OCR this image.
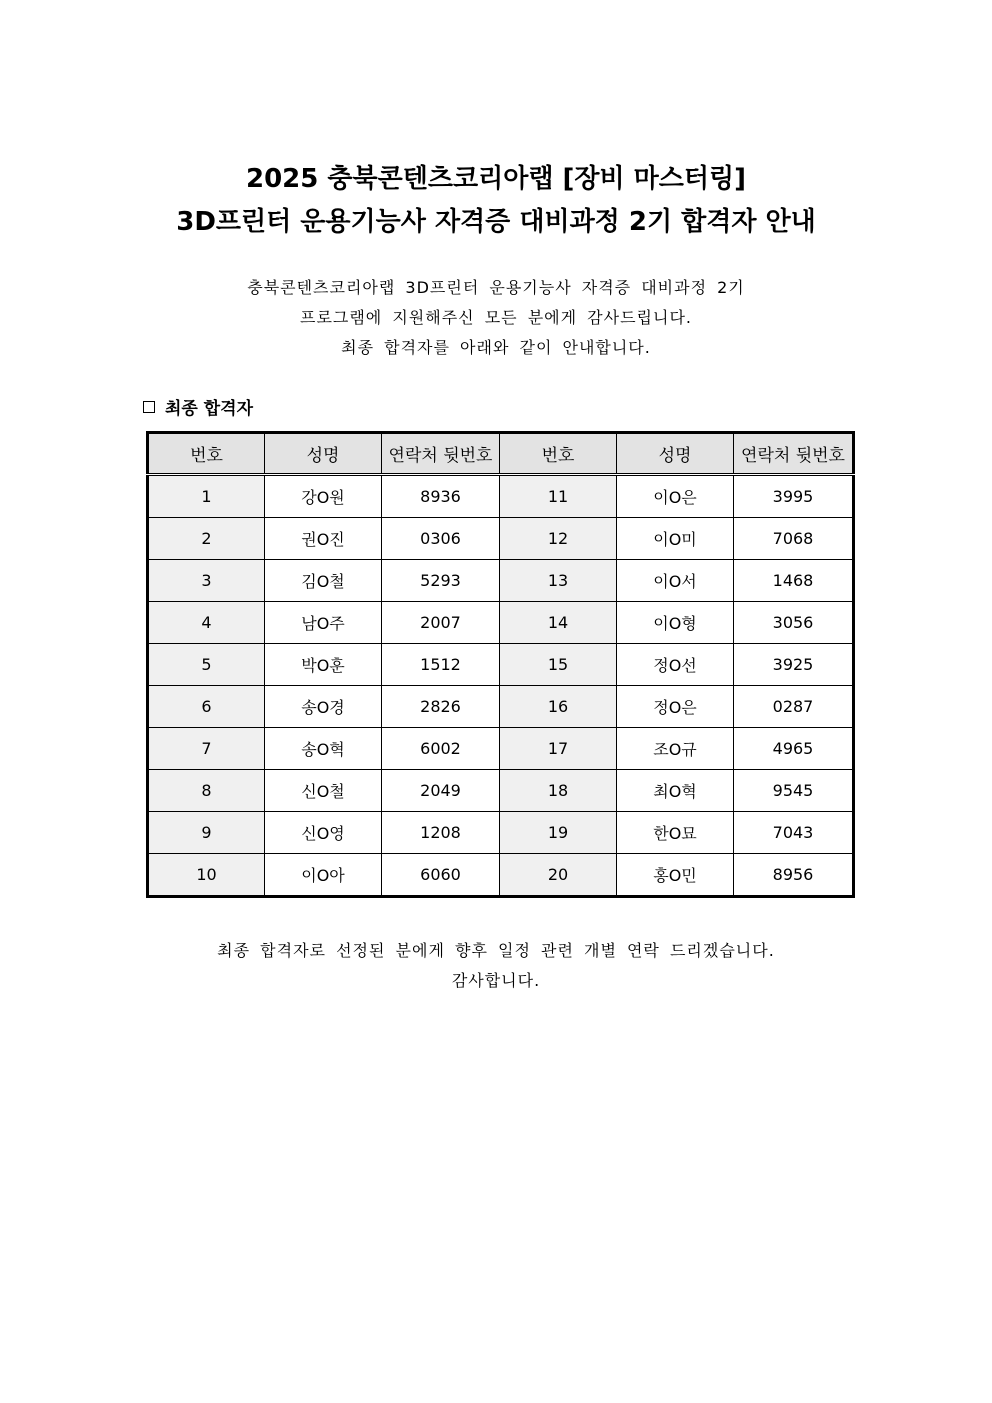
2025 충북콘텐츠코리아랩 [장비 마스터링]
3D프린터 운용기능사 자격증 대비과정 2기 합격자 안내
충북콘텐츠코리아랩 3D프린터 운용기능사 자격증 대비과정 2기
프로그램에 지원해주신 모든 분에게 감사드립니다.
최종 합격자를 아래와 같이 안내합니다.
최종 합격자
번호	성명	연락처 뒷번호	번호	성명	연락처 뒷번호
1	강O원	8936	11	이O은	3995
2	권O진	0306	12	이O미	7068
3	김O철	5293	13	이O서	1468
4	남O주	2007	14	이O형	3056
5	박O훈	1512	15	정O선	3925
6	송O경	2826	16	정O은	0287
7	송O혁	6002	17	조O규	4965
8	신O철	2049	18	최O혁	9545
9	신O영	1208	19	한O묘	7043
10	이O아	6060	20	홍O민	8956
최종 합격자로 선정된 분에게 향후 일정 관련 개별 연락 드리겠습니다.
감사합니다.
